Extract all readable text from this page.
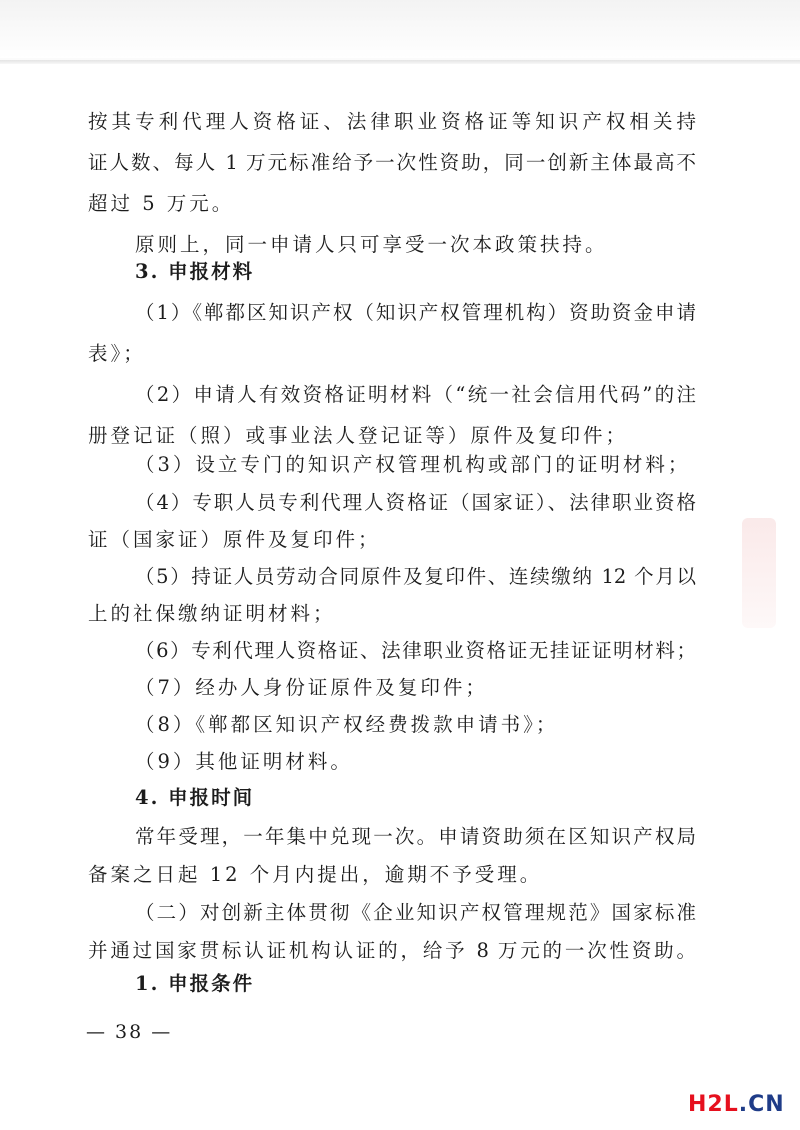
按其专利代理人资格证、法律职业资格证等知识产权相关持

证人数、每人 1 万元标准给予一次性资助，同一创新主体最高不

超过 5 万元。

原则上，同一申请人只可享受一次本政策扶持。

3. 申报材料

（1）《郸都区知识产权（知识产权管理机构）资助资金申请

表》；

（2）申请人有效资格证明材料（“统一社会信用代码”的注

册登记证（照）或事业法人登记证等）原件及复印件；

（3）设立专门的知识产权管理机构或部门的证明材料；

（4）专职人员专利代理人资格证（国家证）、法律职业资格

证（国家证）原件及复印件；

（5）持证人员劳动合同原件及复印件、连续缴纳 12 个月以

上的社保缴纳证明材料；

（6）专利代理人资格证、法律职业资格证无挂证证明材料；

（7）经办人身份证原件及复印件；

（8）《郸都区知识产权经费拨款申请书》；

（9）其他证明材料。

4. 申报时间

常年受理，一年集中兑现一次。申请资助须在区知识产权局

备案之日起 12 个月内提出，逾期不予受理。

（二）对创新主体贯彻《企业知识产权管理规范》国家标准

并通过国家贯标认证机构认证的，给予 8 万元的一次性资助。

1. 申报条件

— 38 —
H2L.CN
